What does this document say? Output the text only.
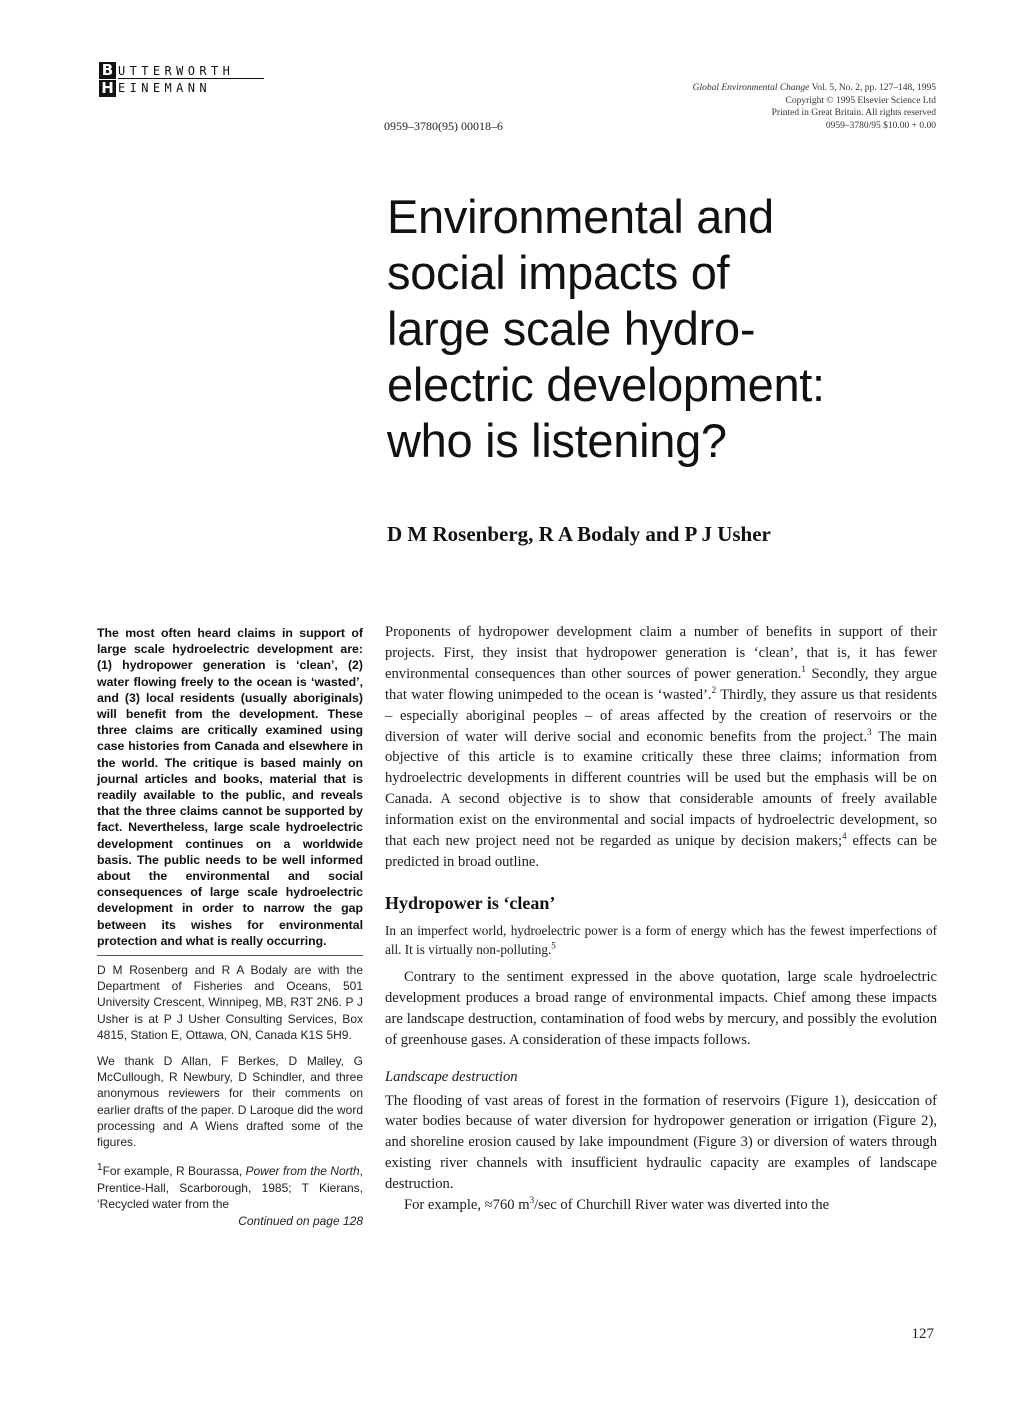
B UTTERWORTH
H EINEMANN	Global Environmental Change Vol. 5, No. 2, pp. 127–148, 1995
Copyright © 1995 Elsevier Science Ltd
Printed in Great Britain. All rights reserved
0959–3780/95 $10.00 + 0.00
0959–3780(95) 00018–6
Environmental and
social impacts of
large scale hydro-
electric development:
who is listening?
D M Rosenberg, R A Bodaly and P J Usher

The most often heard claims in support of large scale hydroelectric development are: (1) hydropower generation is ‘clean’, (2) water flowing freely to the ocean is ‘wasted’, and (3) local residents (usually aboriginals) will benefit from the development. These three claims are critically examined using case histories from Canada and elsewhere in the world. The critique is based mainly on journal articles and books, material that is readily available to the public, and reveals that the three claims cannot be supported by fact. Nevertheless, large scale hydroelectric development continues on a worldwide basis. The public needs to be well informed about the environmental and social consequences of large scale hydroelectric development in order to narrow the gap between its wishes for environmental protection and what is really occurring.

D M Rosenberg and R A Bodaly are with the Department of Fisheries and Oceans, 501 University Crescent, Winnipeg, MB, R3T 2N6. P J Usher is at P J Usher Consulting Services, Box 4815, Station E, Ottawa, ON, Canada K1S 5H9.

We thank D Allan, F Berkes, D Malley, G McCullough, R Newbury, D Schindler, and three anonymous reviewers for their comments on earlier drafts of the paper. D Laroque did the word processing and A Wiens drafted some of the figures.

$^1$For example, R Bourassa, Power from the North, Prentice-Hall, Scarborough, 1985; T Kierans, ‘Recycled water from the

Continued on page 128

Proponents of hydropower development claim a number of benefits in support of their projects. First, they insist that hydropower generation is ‘clean’, that is, it has fewer environmental consequences than other sources of power generation.$^1$ Secondly, they argue that water flowing unimpeded to the ocean is ‘wasted’.$^2$ Thirdly, they assure us that residents – especially aboriginal peoples – of areas affected by the creation of reservoirs or the diversion of water will derive social and economic benefits from the project.$^3$ The main objective of this article is to examine critically these three claims; information from hydroelectric developments in different countries will be used but the emphasis will be on Canada. A second objective is to show that considerable amounts of freely available information exist on the environmental and social impacts of hydroelectric development, so that each new project need not be regarded as unique by decision makers;$^4$ effects can be predicted in broad outline.

Hydropower is ‘clean’

In an imperfect world, hydroelectric power is a form of energy which has the fewest imperfections of all. It is virtually non-polluting.$^5$

Contrary to the sentiment expressed in the above quotation, large scale hydroelectric development produces a broad range of environmental impacts. Chief among these impacts are landscape destruction, contamination of food webs by mercury, and possibly the evolution of greenhouse gases. A consideration of these impacts follows.

Landscape destruction

The flooding of vast areas of forest in the formation of reservoirs (Figure 1), desiccation of water bodies because of water diversion for hydropower generation or irrigation (Figure 2), and shoreline erosion caused by lake impoundment (Figure 3) or diversion of waters through existing river channels with insufficient hydraulic capacity are examples of landscape destruction.

For example, ≈760 $m^3/\sec$ of Churchill River water was diverted into the

127
